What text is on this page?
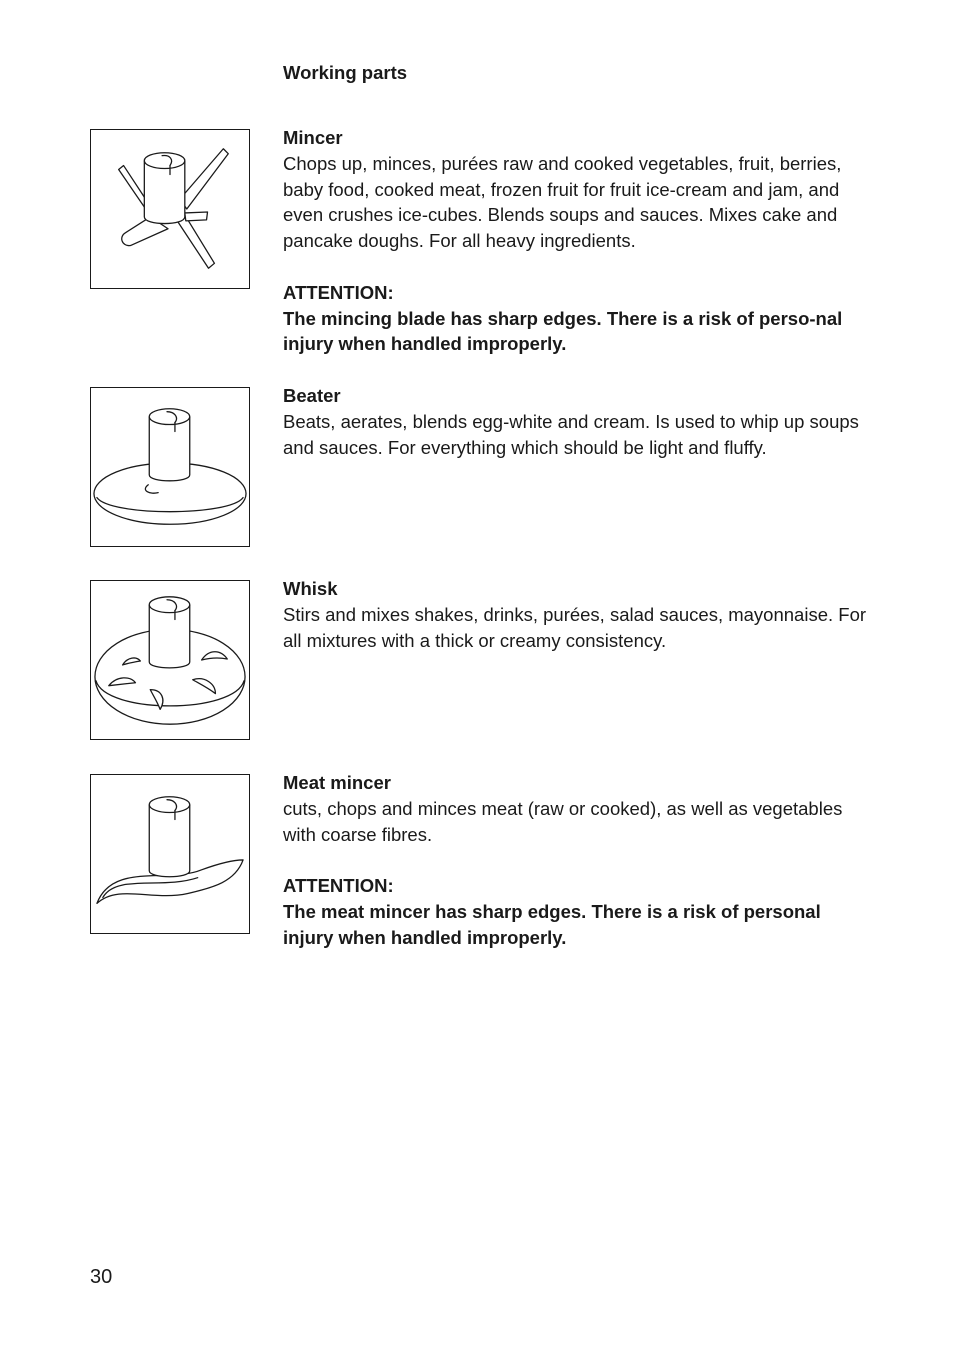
Working parts

Mincer

Chops up, minces, purées raw and cooked vegetables, fruit, berries, baby food, cooked meat, frozen fruit for fruit ice-cream and jam, and even crushes ice-cubes. Blends soups and sauces. Mixes cake and pancake doughs. For all heavy ingredients.

ATTENTION:

The mincing blade has sharp edges. There is a risk of perso-nal injury when handled improperly.

Beater

Beats, aerates, blends egg-white and cream. Is used to whip up soups and sauces. For everything which should be light and fluffy.

Whisk

Stirs and mixes shakes, drinks, purées, salad sauces, mayonnaise. For all mixtures with a thick or creamy consistency.

Meat mincer

cuts, chops and minces meat (raw or cooked), as well as vegetables with coarse fibres.

ATTENTION:

The meat mincer has sharp edges. There is a risk of personal injury when handled improperly.

30
